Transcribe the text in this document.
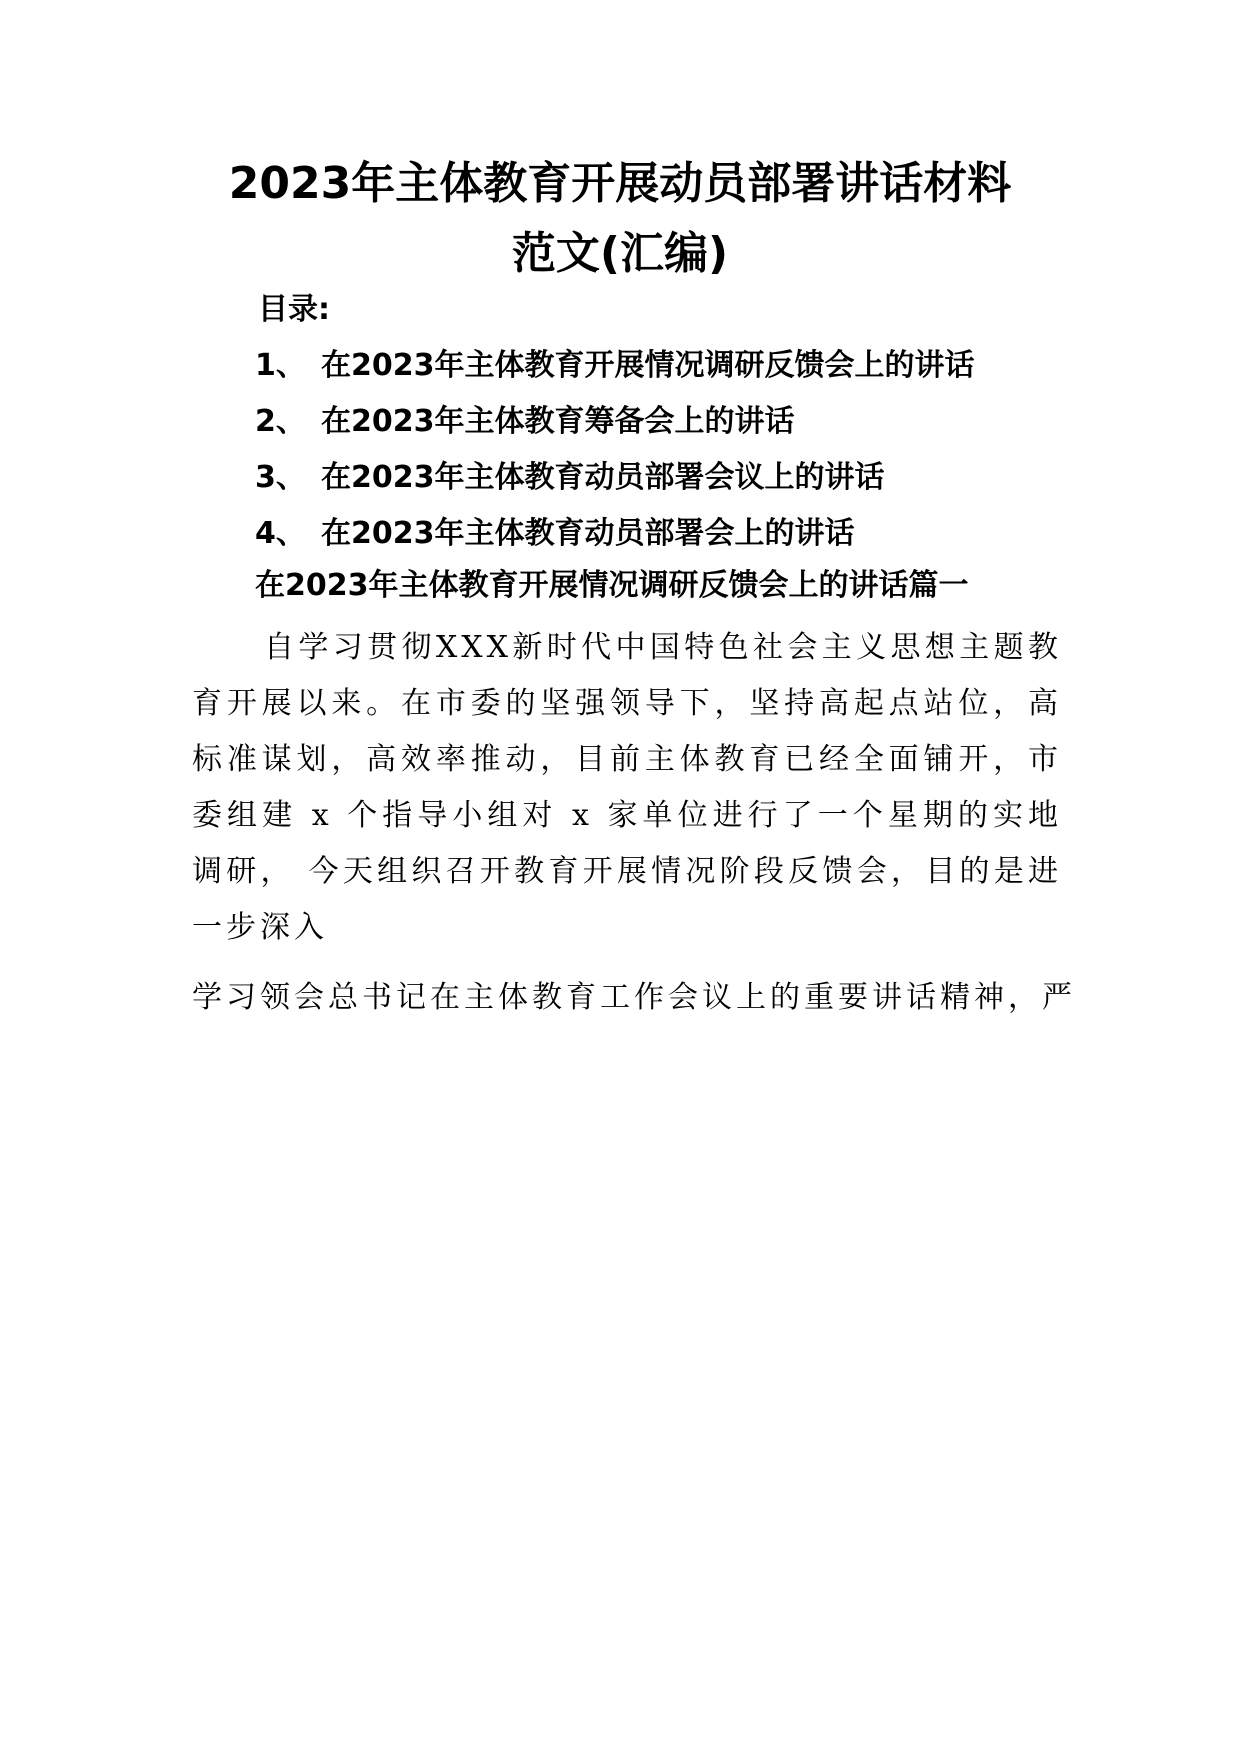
2023年主体教育开展动员部署讲话材料
范文(汇编)
目录:
1、 在2023年主体教育开展情况调研反馈会上的讲话
2、 在2023年主体教育筹备会上的讲话
3、 在2023年主体教育动员部署会议上的讲话
4、 在2023年主体教育动员部署会上的讲话
在2023年主体教育开展情况调研反馈会上的讲话篇一

自学习贯彻XXX新时代中国特色社会主义思想主题教育开展以来。在市委的坚强领导下，坚持高起点站位，高标准谋划，高效率推动，目前主体教育已经全面铺开，市委组建 x 个指导小组对 x 家单位进行了一个星期的实地调研， 今天组织召开教育开展情况阶段反馈会，目的是进一步深入

学习领会总书记在主体教育工作会议上的重要讲话精神，严
